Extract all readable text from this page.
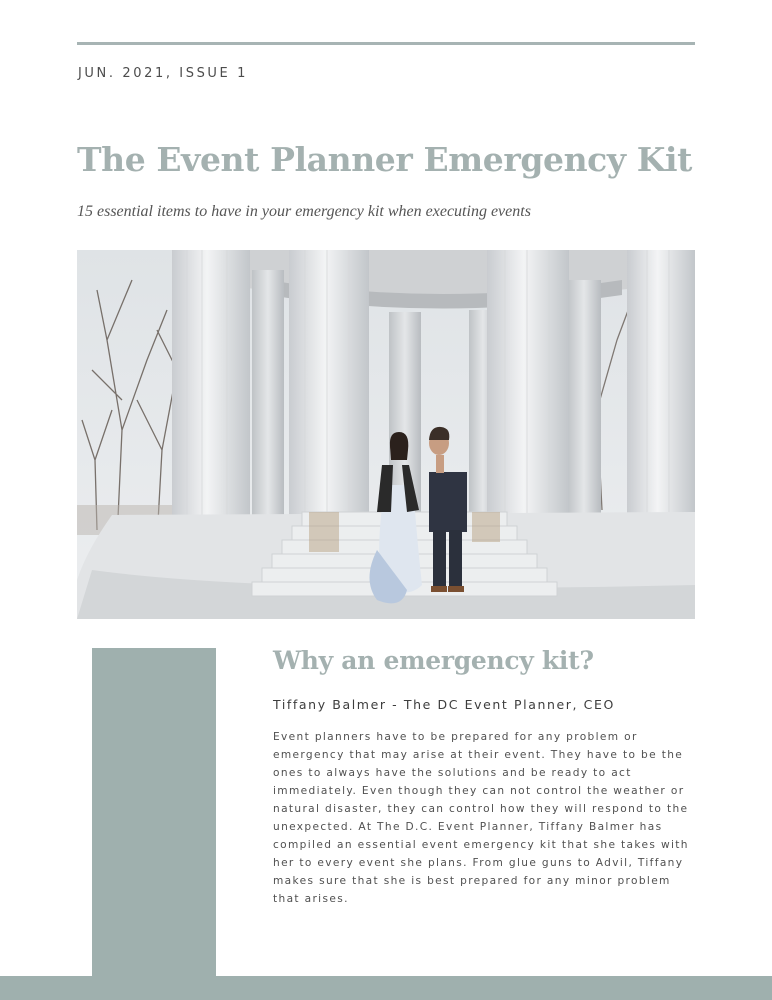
JUN. 2021, ISSUE 1
The Event Planner Emergency Kit
15 essential items to have in your emergency kit when executing events
Why an emergency kit?
Tiffany Balmer - The DC Event Planner, CEO

Event planners have to be prepared for any problem or emergency that may arise at their event. They have to be the ones to always have the solutions and be ready to act immediately. Even though they can not control the weather or natural disaster, they can control how they will respond to the unexpected. At The D.C. Event Planner, Tiffany Balmer has compiled an essential event emergency kit that she takes with her to every event she plans. From glue guns to Advil, Tiffany makes sure that she is best prepared for any minor problem that arises.
